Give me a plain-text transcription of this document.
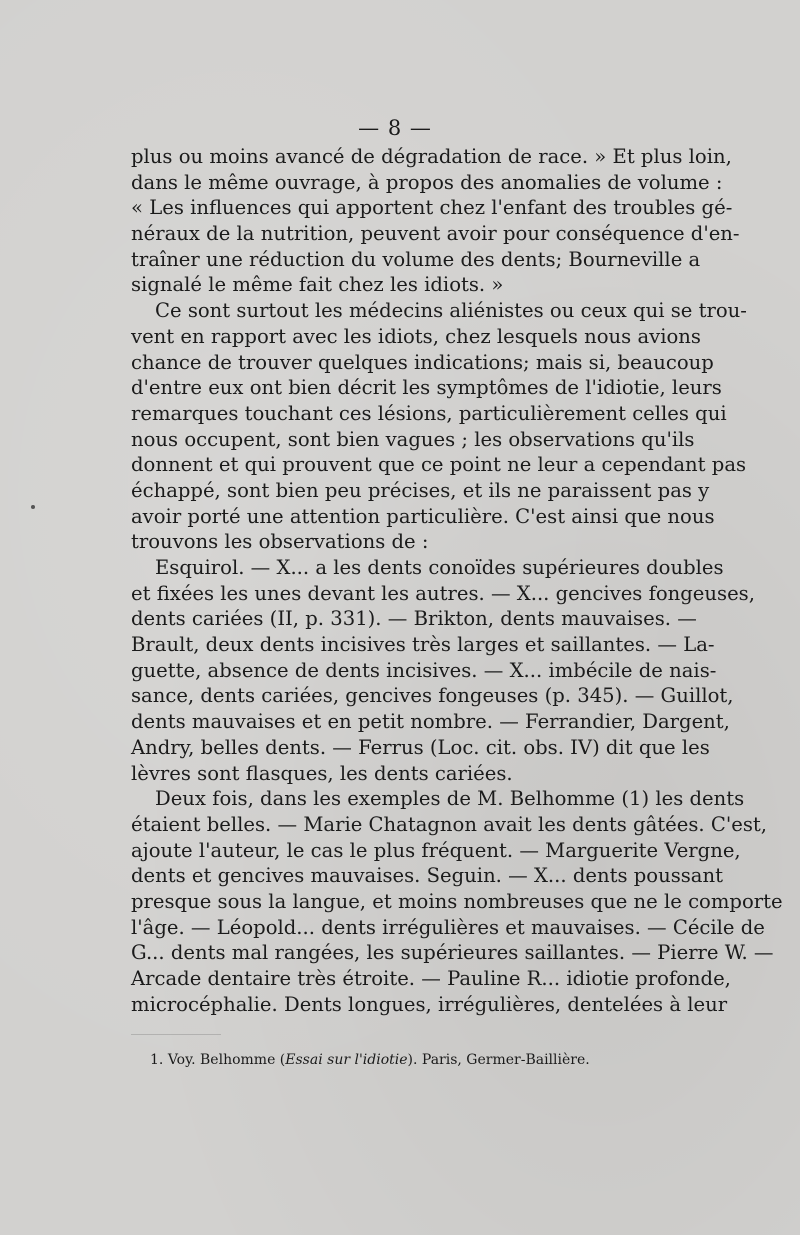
— 8 —
plus ou moins avancé de dégradation de race. » Et plus loin,
dans le même ouvrage, à propos des anomalies de volume :
« Les influences qui apportent chez l'enfant des troubles gé-
néraux de la nutrition, peuvent avoir pour conséquence d'en-
traîner une réduction du volume des dents; Bourneville a
signalé le même fait chez les idiots. »
Ce sont surtout les médecins aliénistes ou ceux qui se trou-
vent en rapport avec les idiots, chez lesquels nous avions
chance de trouver quelques indications; mais si, beaucoup
d'entre eux ont bien décrit les symptômes de l'idiotie, leurs
remarques touchant ces lésions, particulièrement celles qui
nous occupent, sont bien vagues ; les observations qu'ils
donnent et qui prouvent que ce point ne leur a cependant pas
échappé, sont bien peu précises, et ils ne paraissent pas y
avoir porté une attention particulière. C'est ainsi que nous
trouvons les observations de :
Esquirol. — X... a les dents conoïdes supérieures doubles
et fixées les unes devant les autres. — X... gencives fongeuses,
dents cariées (II, p. 331). — Brikton, dents mauvaises. —
Brault, deux dents incisives très larges et saillantes. — La-
guette, absence de dents incisives. — X... imbécile de nais-
sance, dents cariées, gencives fongeuses (p. 345). — Guillot,
dents mauvaises et en petit nombre. — Ferrandier, Dargent,
Andry, belles dents. — Ferrus (Loc. cit. obs. IV) dit que les
lèvres sont flasques, les dents cariées.
Deux fois, dans les exemples de M. Belhomme (1) les dents
étaient belles. — Marie Chatagnon avait les dents gâtées. C'est,
ajoute l'auteur, le cas le plus fréquent. — Marguerite Vergne,
dents et gencives mauvaises. Seguin. — X... dents poussant
presque sous la langue, et moins nombreuses que ne le comporte
l'âge. — Léopold... dents irrégulières et mauvaises. — Cécile de
G... dents mal rangées, les supérieures saillantes. — Pierre W. —
Arcade dentaire très étroite. — Pauline R... idiotie profonde,
microcéphalie. Dents longues, irrégulières, dentelées à leur
1. Voy. Belhomme (Essai sur l'idiotie). Paris, Germer-Baillière.
